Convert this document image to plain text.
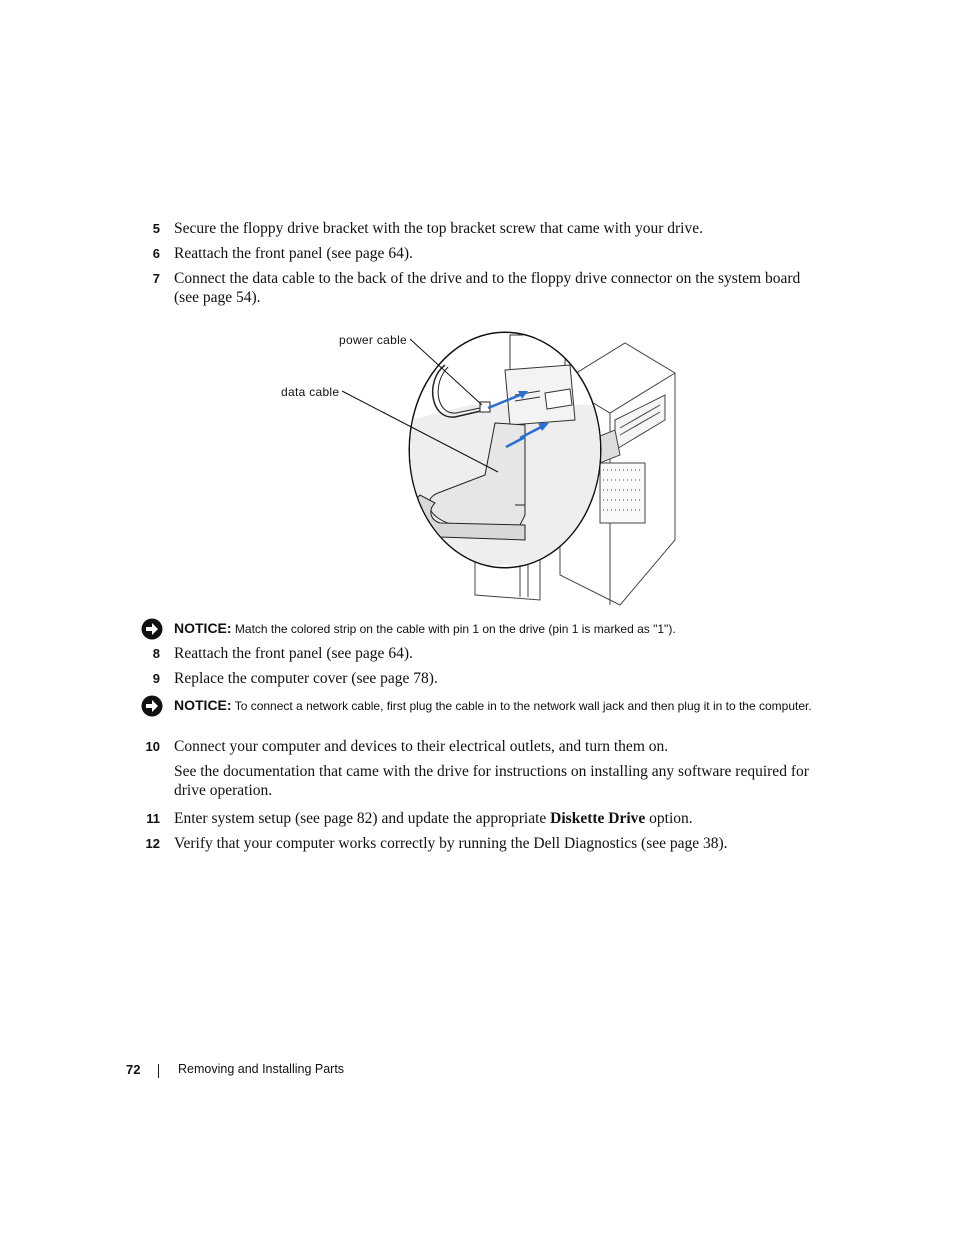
5 Secure the floppy drive bracket with the top bracket screw that came with your drive.
6 Reattach the front panel (see page 64).
7 Connect the data cable to the back of the drive and to the floppy drive connector on the system board (see page 54).
power cable
data cable
NOTICE: Match the colored strip on the cable with pin 1 on the drive (pin 1 is marked as "1").
8 Reattach the front panel (see page 64).
9 Replace the computer cover (see page 78).
NOTICE: To connect a network cable, first plug the cable in to the network wall jack and then plug it in to the computer.
10 Connect your computer and devices to their electrical outlets, and turn them on.
See the documentation that came with the drive for instructions on installing any software required for drive operation.
11 Enter system setup (see page 82) and update the appropriate Diskette Drive option.
12 Verify that your computer works correctly by running the Dell Diagnostics (see page 38).
72	Removing and Installing Parts
